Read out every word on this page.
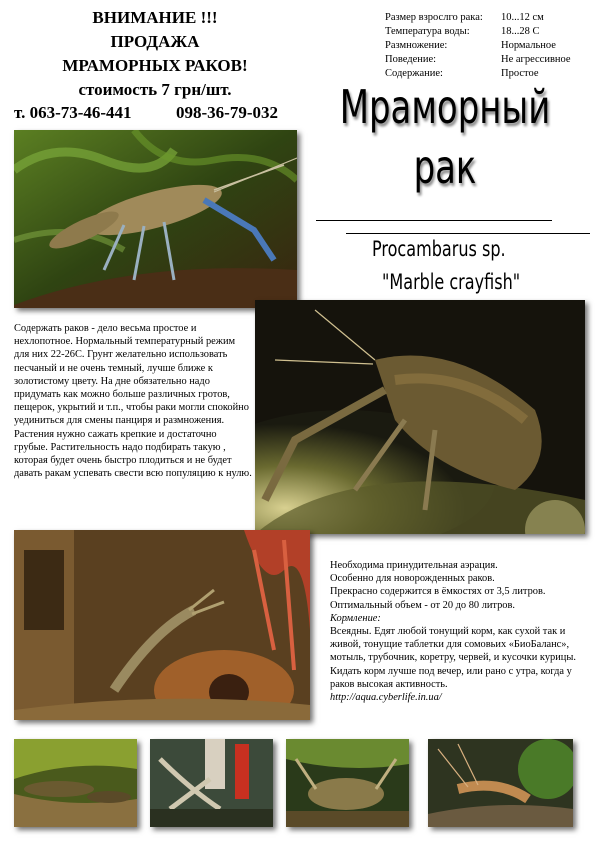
ВНИМАНИЕ !!!
ПРОДАЖА
МРАМОРНЫХ РАКОВ!
стоимость 7 грн/шт.
т. 063-73-46-441	098-36-79-032
Размер взрослго рака: 10...12 см
Температура воды:	18...28 С
Размножение:	Нормальное
Поведение:	Не агрессивное
Содержание:	Простое
Мраморный
рак
Procambarus sp.
"Marble crayfish"
Содержать раков - дело весьма простое и нехлопотное. Нормальный температурный режим для них 22-26С. Грунт желательно использовать песчаный и не очень темный, лучше ближе к золотистому цвету. На дне обязательно надо придумать как можно больше различных гротов, пещерок, укрытий и т.п., чтобы раки могли спокойно уединиться для смены панциря и размножения. Растения нужно сажать крепкие и достаточно грубые. Растительность надо подбирать такую , которая будет очень быстро плодиться и не будет давать ракам успевать свести всю популяцию к нулю.

Необходима принудительная аэрация.

Особенно для новорожденных раков.

Прекрасно содержится в ёмкостях от 3,5 литров.

Оптимальный объем - от 20 до 80 литров.

Кормление:

Всеядны. Едят любой тонущий корм, как сухой так и живой, тонущие таблетки для сомовьих «БиоБаланс», мотыль, трубочник, коретру, червей, и кусочки курицы. Кидать корм лучше под вечер, или рано с утра, когда у раков высокая активность.

http://aqua.cyberlife.in.ua/
